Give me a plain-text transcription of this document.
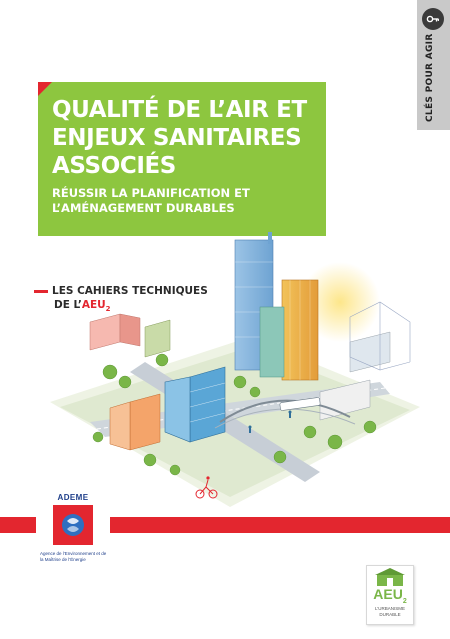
CLÉS POUR AGIR
QUALITÉ DE L’AIR ET ENJEUX SANITAIRES ASSOCIÉS
RÉUSSIR LA PLANIFICATION ET L’AMÉNAGEMENT DURABLES
LES CAHIERS TECHNIQUES
DE $L’AEU_2$
ADEME
Agence de l’Environnement et de la Maîtrise de l’Énergie
$AEU_2$
L’URBANISME DURABLE
